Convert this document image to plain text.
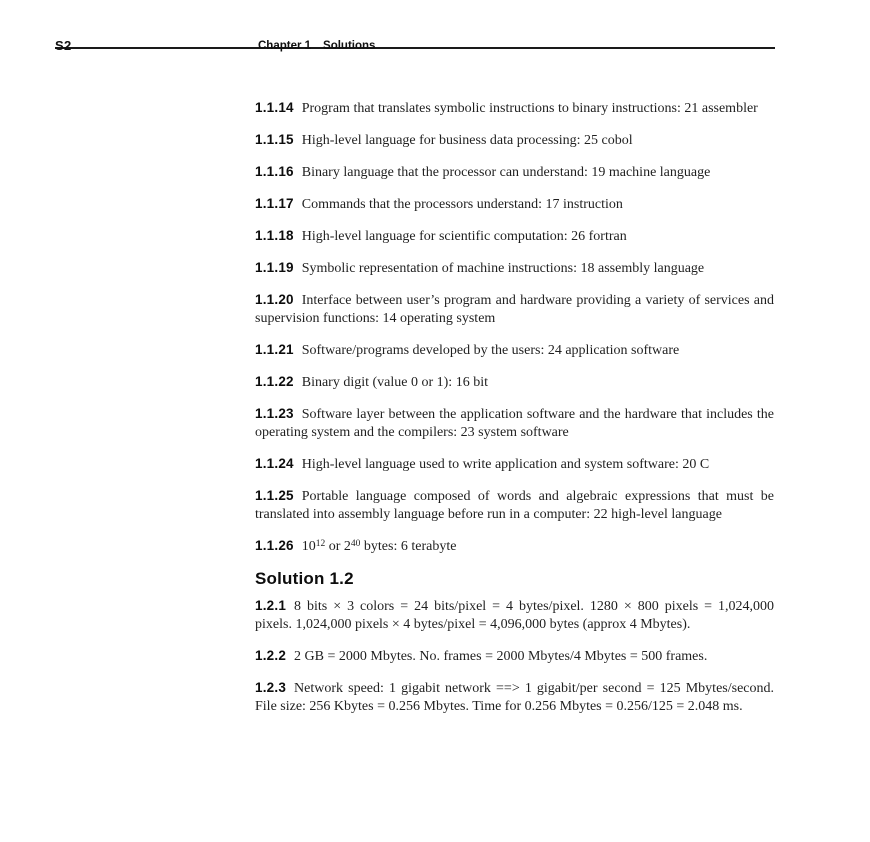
S2	Chapter 1 Solutions

1.1.14 Program that translates symbolic instructions to binary instructions: 21 assembler

1.1.15 High-level language for business data processing: 25 cobol

1.1.16 Binary language that the processor can understand: 19 machine language

1.1.17 Commands that the processors understand: 17 instruction

1.1.18 High-level language for scientific computation: 26 fortran

1.1.19 Symbolic representation of machine instructions: 18 assembly language

1.1.20 Interface between user’s program and hardware providing a variety of services and supervision functions: 14 operating system

1.1.21 Software/programs developed by the users: 24 application software

1.1.22 Binary digit (value 0 or 1): 16 bit

1.1.23 Software layer between the application software and the hardware that includes the operating system and the compilers: 23 system software

1.1.24 High-level language used to write application and system software: 20 C

1.1.25 Portable language composed of words and algebraic expressions that must be translated into assembly language before run in a computer: 22 high-level language

1.1.26 $10^{12}$ or $2^{40}$ bytes: 6 terabyte

Solution 1.2

1.2.1 8 bits × 3 colors = 24 bits/pixel = 4 bytes/pixel. 1280 × 800 pixels = 1,024,000 pixels. 1,024,000 pixels × 4 bytes/pixel = 4,096,000 bytes (approx 4 Mbytes).

1.2.2 2 GB = 2000 Mbytes. No. frames = 2000 Mbytes/4 Mbytes = 500 frames.

1.2.3 Network speed: 1 gigabit network ==> 1 gigabit/per second = 125 Mbytes/second. File size: 256 Kbytes = 0.256 Mbytes. Time for 0.256 Mbytes = 0.256/125 = 2.048 ms.
